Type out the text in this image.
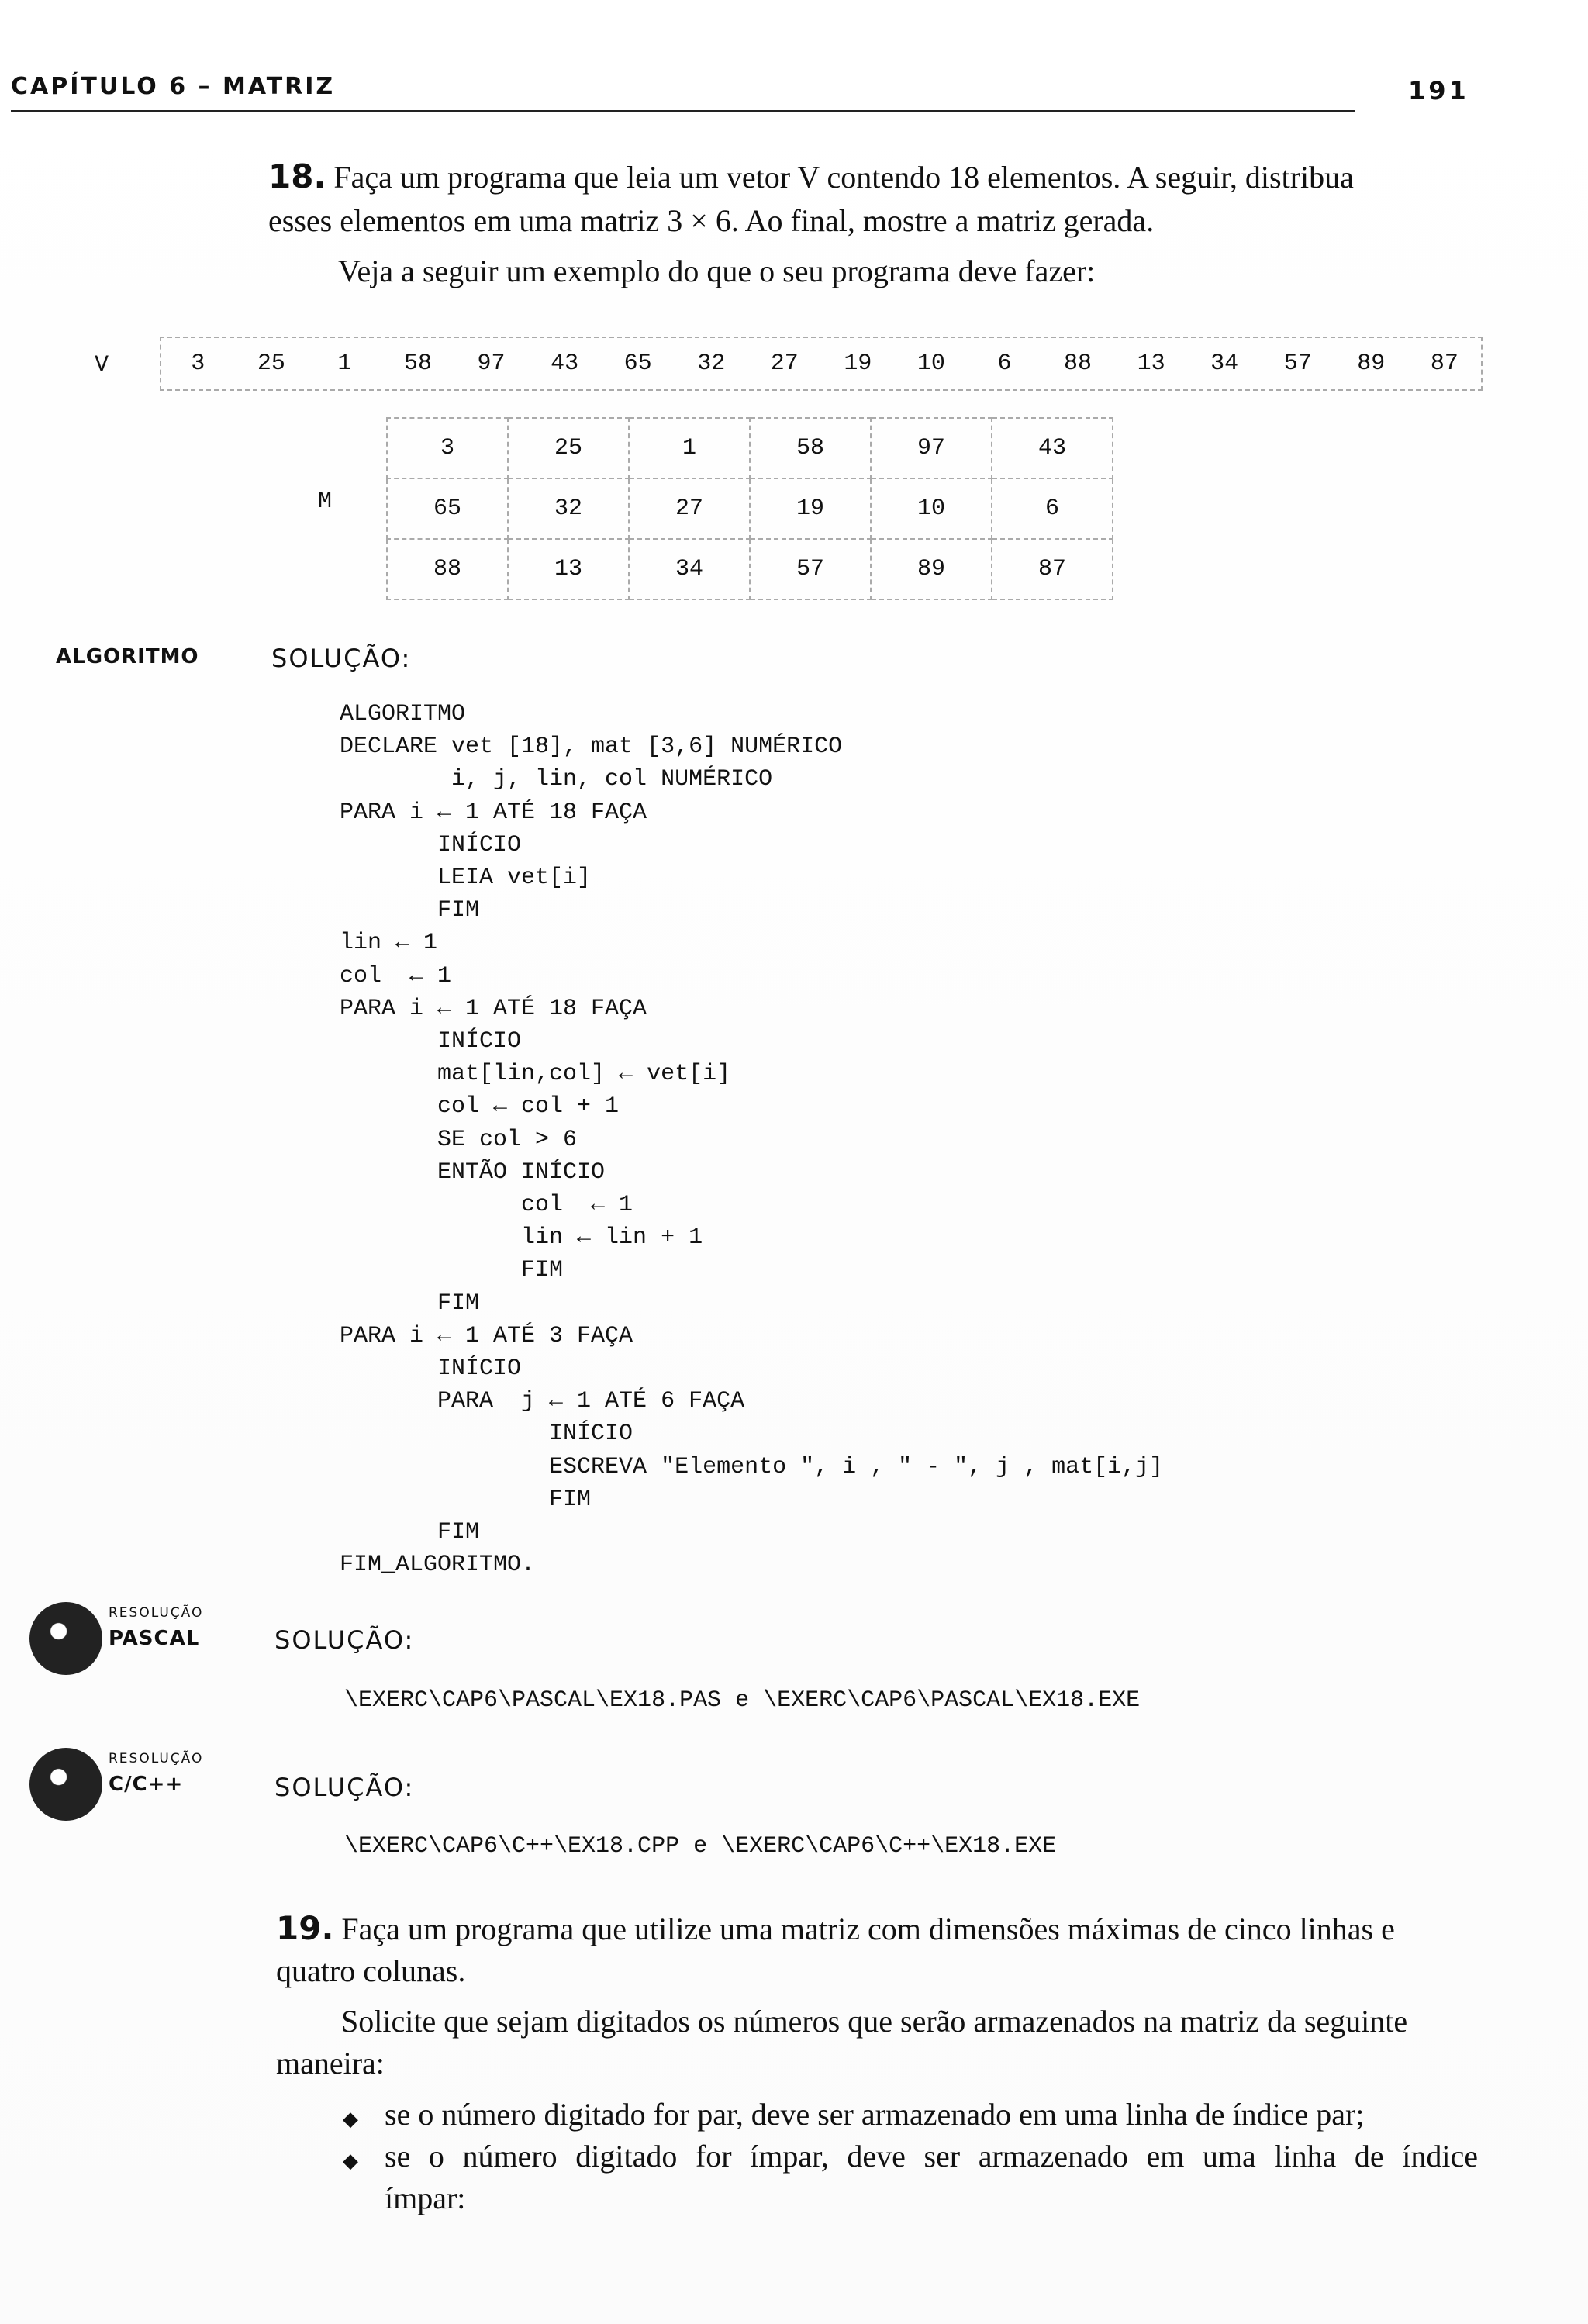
CAPÍTULO 6 – MATRIZ	191
18. Faça um programa que leia um vetor V contendo 18 elementos. A seguir, distribua
esses elementos em uma matriz 3 × 6. Ao final, mostre a matriz gerada.
Veja a seguir um exemplo do que o seu programa deve fazer:
V	3	25	1	58	97	43	65	32	27	19	10	6	88	13	34	57	89	87
M
3	25	1	58	97	43
65	32	27	19	10	6
88	13	34	57	89	87
ALGORITMO	SOLUÇÃO:
ALGORITMO
DECLARE vet [18], mat [3,6] NUMÉRICO
i, j, lin, col NUMÉRICO
PARA i ← 1 ATÉ 18 FAÇA
INÍCIO
LEIA vet[i]
FIM
lin ← 1
col  ← 1
PARA i ← 1 ATÉ 18 FAÇA
INÍCIO
mat[lin,col] ← vet[i]
col ← col + 1
SE col > 6
ENTÃO INÍCIO
col  ← 1
lin ← lin + 1
FIM
FIM
PARA i ← 1 ATÉ 3 FAÇA
INÍCIO
PARA  j ← 1 ATÉ 6 FAÇA
INÍCIO
ESCREVA "Elemento ", i , " - ", j , mat[i,j]
FIM
FIM
FIM_ALGORITMO.
RESOLUÇÃO
PASCAL	SOLUÇÃO:
\EXERC\CAP6\PASCAL\EX18.PAS e \EXERC\CAP6\PASCAL\EX18.EXE
RESOLUÇÃO
C/C++	SOLUÇÃO:
\EXERC\CAP6\C++\EX18.CPP e \EXERC\CAP6\C++\EX18.EXE
19. Faça um programa que utilize uma matriz com dimensões máximas de cinco linhas e
quatro colunas.
Solicite que sejam digitados os números que serão armazenados na matriz da seguinte
maneira:
◆ se o número digitado for par, deve ser armazenado em uma linha de índice par;
◆ se o número digitado for ímpar, deve ser armazenado em uma linha de índice
ímpar:
